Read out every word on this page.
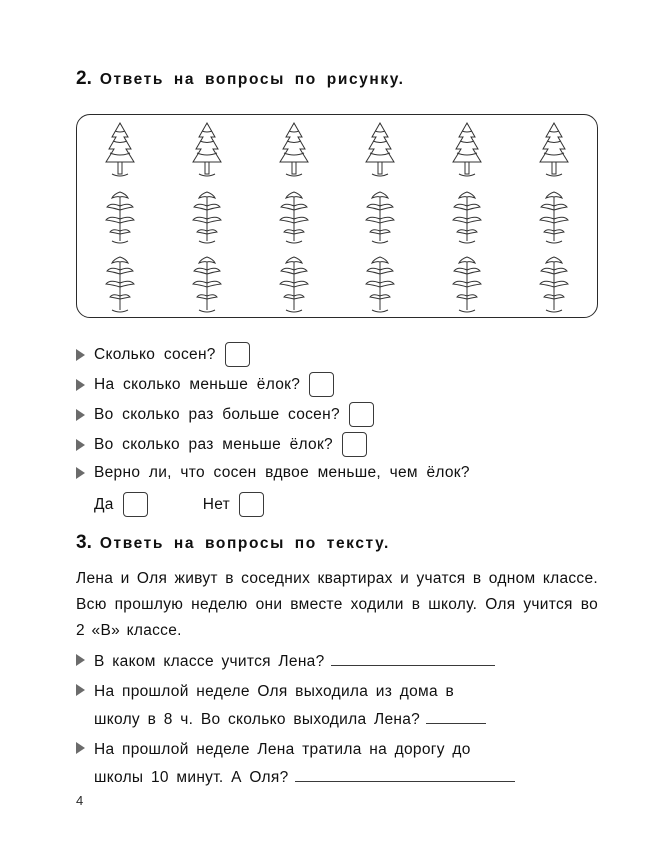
2. Ответь на вопросы по рисунку.
Сколько сосен?
На сколько меньше ёлок?
Во сколько раз больше сосен?
Во сколько раз меньше ёлок?
Верно ли, что сосен вдвое меньше, чем ёлок?
Да	Нет
3. Ответь на вопросы по тексту.
Лена и Оля живут в соседних квартирах и учатся в одном классе. Всю прошлую неделю они вместе ходили в школу. Оля учится во 2 «В» классе.
В каком классе учится Лена?
На прошлой неделе Оля выходила из дома в
школу в 8 ч. Во сколько выходила Лена?
На прошлой неделе Лена тратила на дорогу до
школы 10 минут. А Оля?
4
